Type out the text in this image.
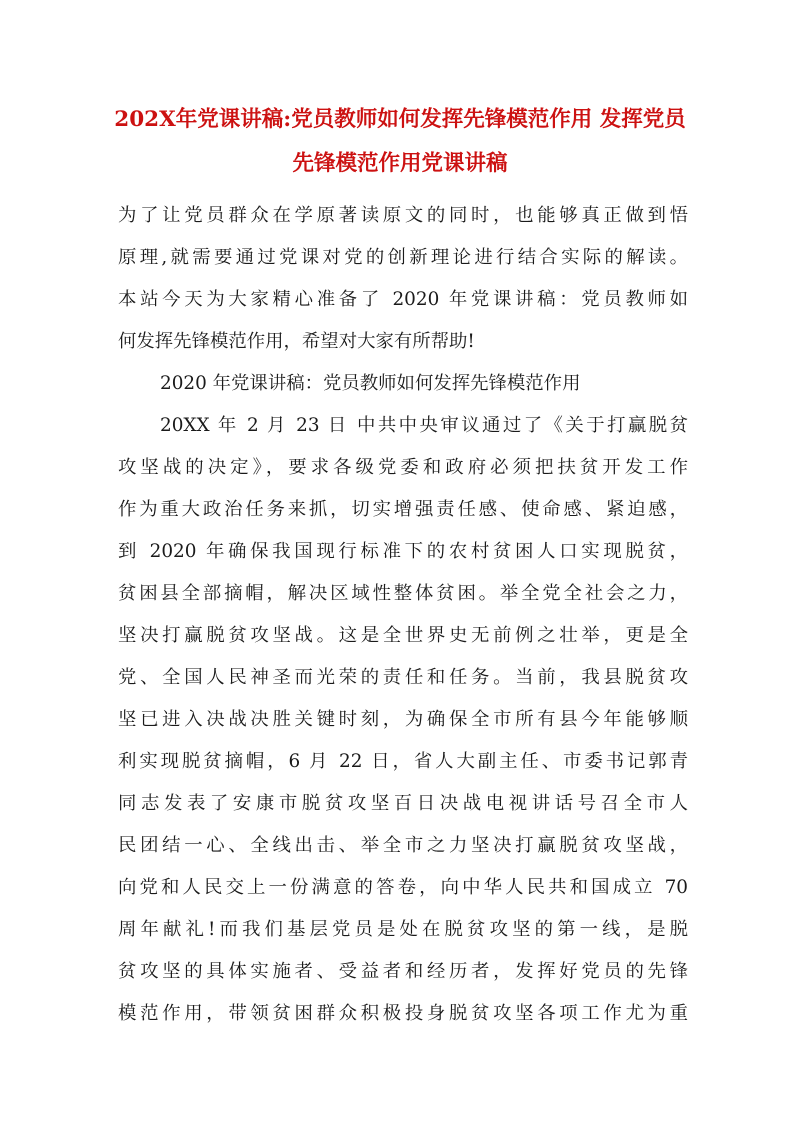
202X年党课讲稿:党员教师如何发挥先锋模范作用 发挥党员先锋模范作用党课讲稿

为了让党员群众在学原著读原文的同时，也能够真正做到悟

原理,就需要通过党课对党的创新理论进行结合实际的解读。

本站今天为大家精心准备了 2020 年党课讲稿：党员教师如

何发挥先锋模范作用，希望对大家有所帮助!

2020 年党课讲稿：党员教师如何发挥先锋模范作用

20XX 年 2 月 23 日 中共中央审议通过了《关于打赢脱贫

攻坚战的决定》，要求各级党委和政府必须把扶贫开发工作

作为重大政治任务来抓，切实增强责任感、使命感、紧迫感，

到 2020 年确保我国现行标准下的农村贫困人口实现脱贫，

贫困县全部摘帽，解决区域性整体贫困。举全党全社会之力，

坚决打赢脱贫攻坚战。这是全世界史无前例之壮举，更是全

党、全国人民神圣而光荣的责任和任务。当前，我县脱贫攻

坚已进入决战决胜关键时刻，为确保全市所有县今年能够顺

利实现脱贫摘帽，6 月 22 日，省人大副主任、市委书记郭青

同志发表了安康市脱贫攻坚百日决战电视讲话号召全市人

民团结一心、全线出击、举全市之力坚决打赢脱贫攻坚战，

向党和人民交上一份满意的答卷，向中华人民共和国成立 70

周年献礼!而我们基层党员是处在脱贫攻坚的第一线，是脱

贫攻坚的具体实施者、受益者和经历者，发挥好党员的先锋

模范作用，带领贫困群众积极投身脱贫攻坚各项工作尤为重
